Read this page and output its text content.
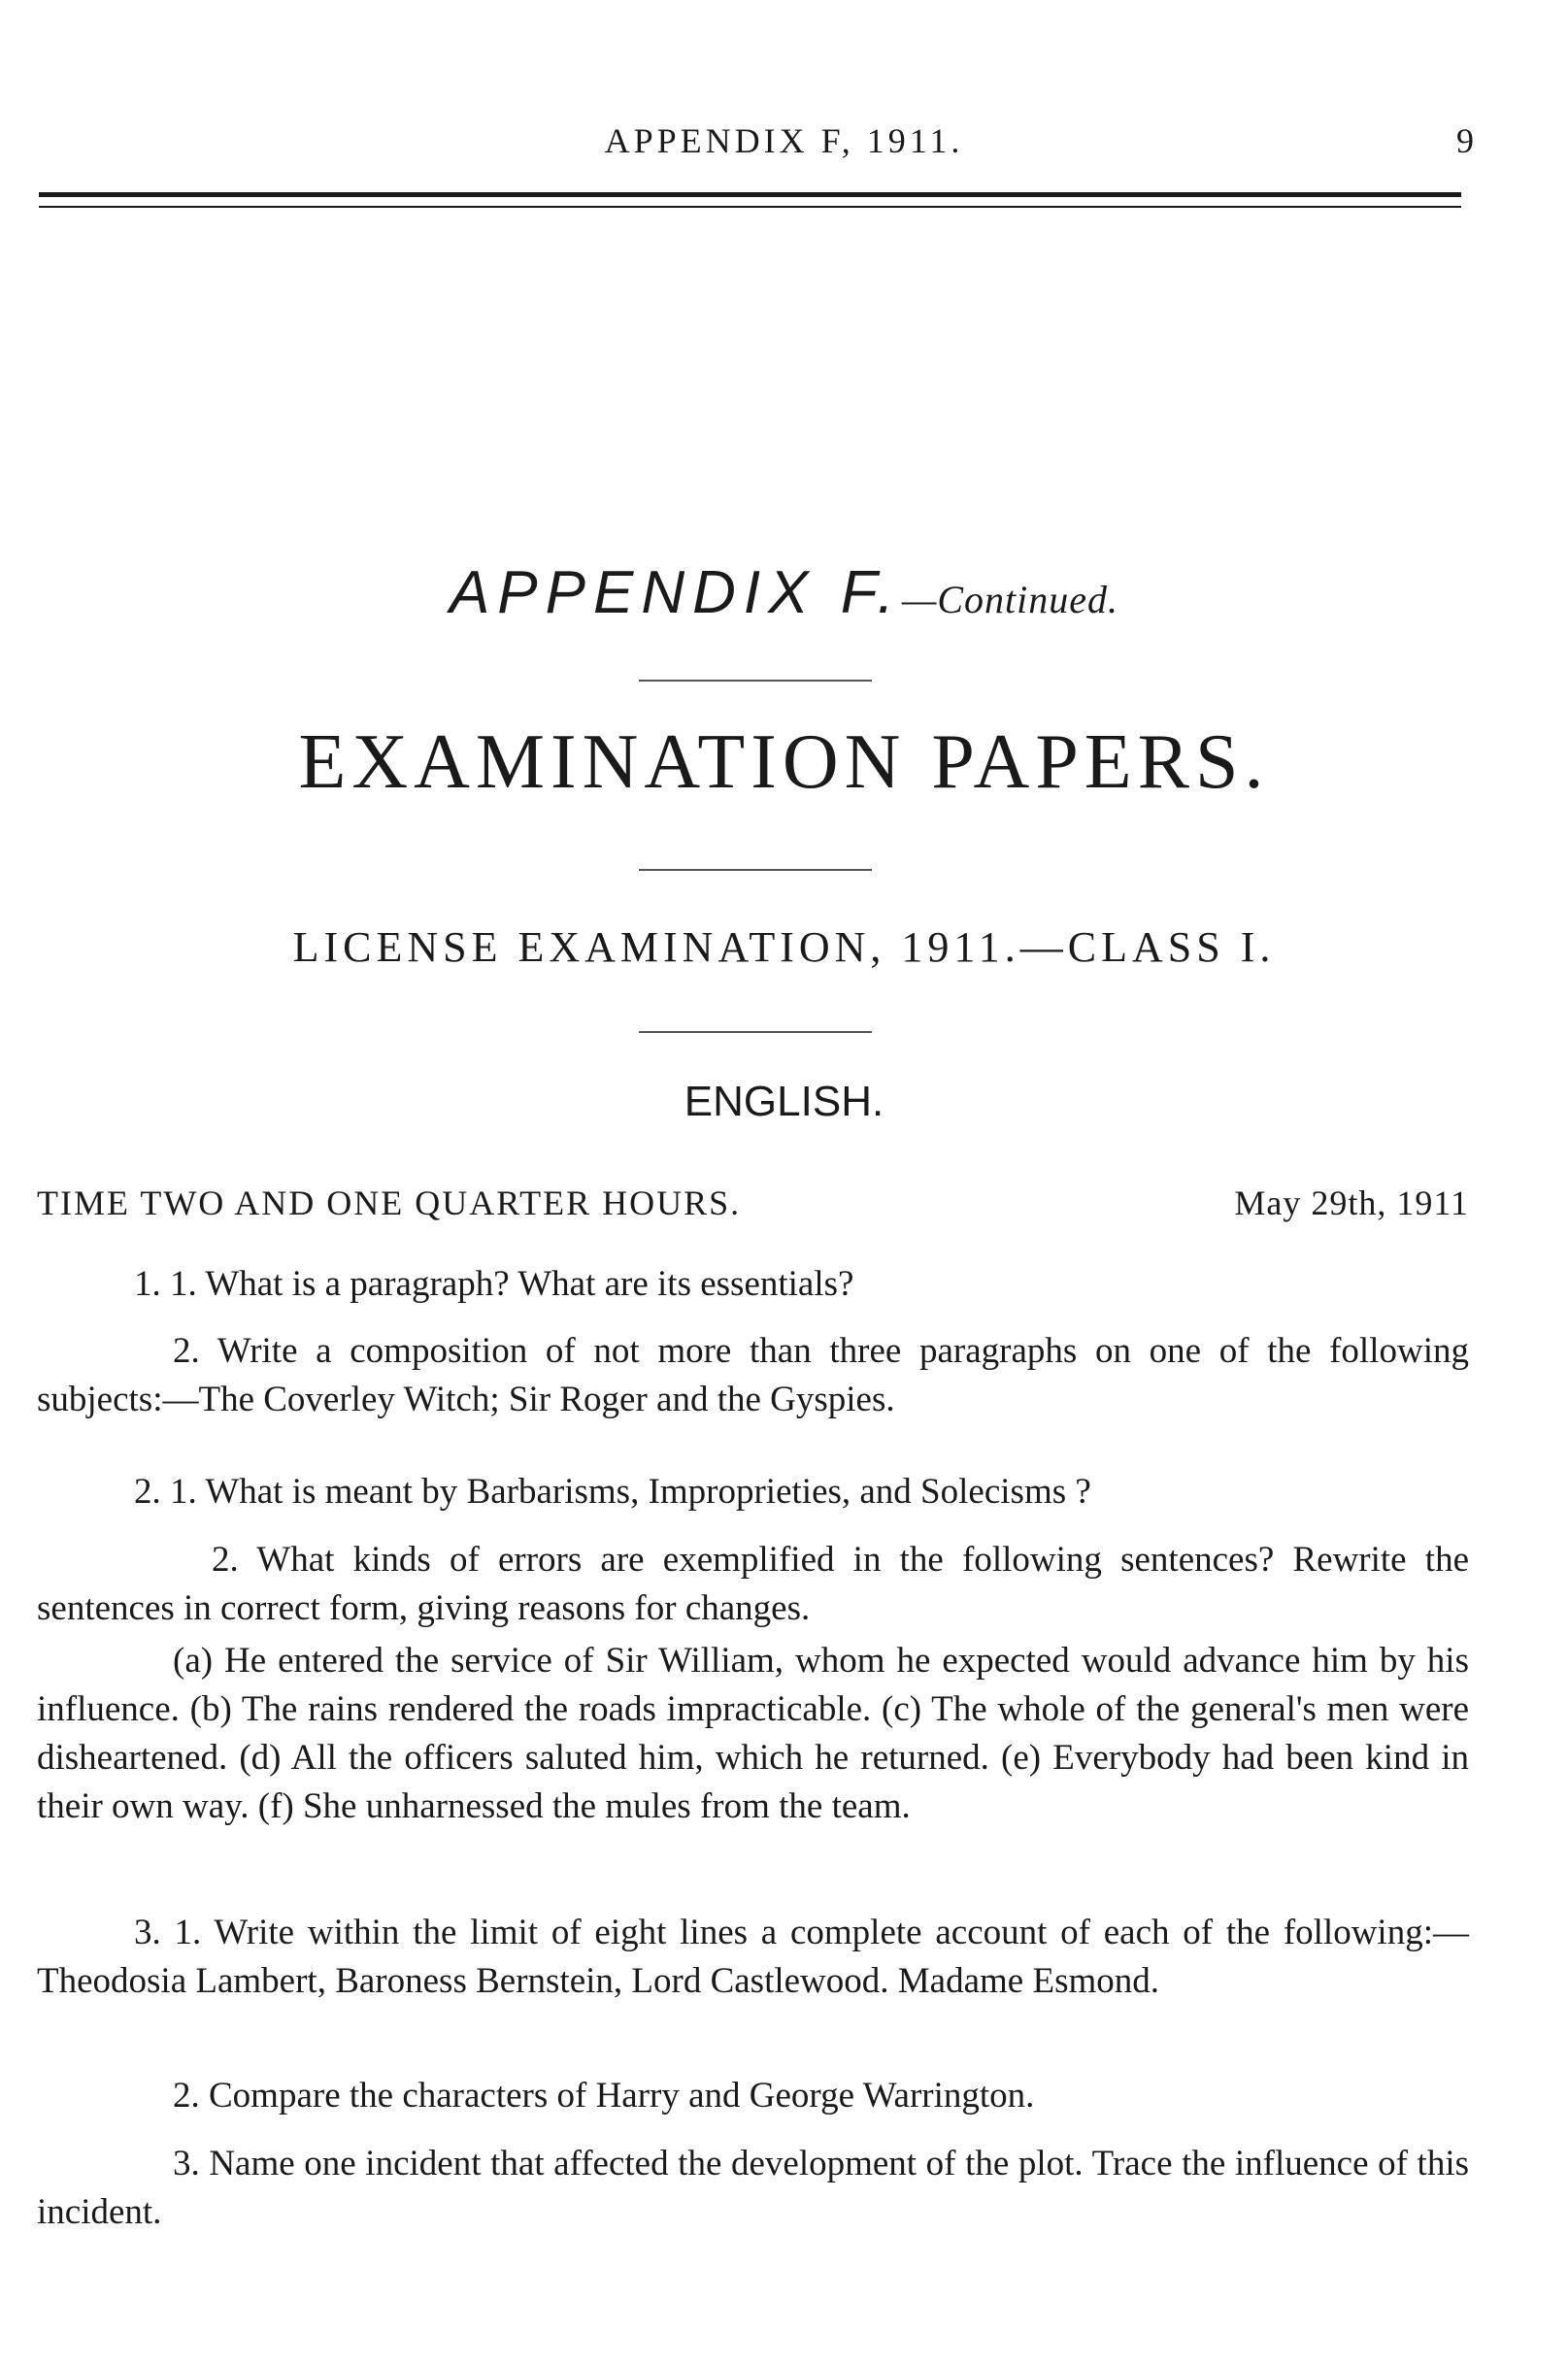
APPENDIX F, 1911.	9
APPENDIX F.—Continued.
EXAMINATION PAPERS.
LICENSE EXAMINATION, 1911.—CLASS I.
ENGLISH.
TIME TWO AND ONE QUARTER HOURS.	May 29th, 1911

1. 1. What is a paragraph? What are its essentials?

2. Write a composition of not more than three paragraphs on one of the following subjects:—The Coverley Witch; Sir Roger and the Gyspies.

2. 1. What is meant by Barbarisms, Improprieties, and Solecisms ?

2. What kinds of errors are exemplified in the following sentences? Rewrite the sentences in correct form, giving reasons for changes.

(a) He entered the service of Sir William, whom he expected would advance him by his influence. (b) The rains rendered the roads impracticable. (c) The whole of the general's men were disheartened. (d) All the officers saluted him, which he returned. (e) Everybody had been kind in their own way. (f) She unharnessed the mules from the team.

3. 1. Write within the limit of eight lines a complete account of each of the following:—Theodosia Lambert, Baroness Bernstein, Lord Castlewood. Madame Esmond.

2. Compare the characters of Harry and George Warrington.

3. Name one incident that affected the development of the plot. Trace the influence of this incident.
